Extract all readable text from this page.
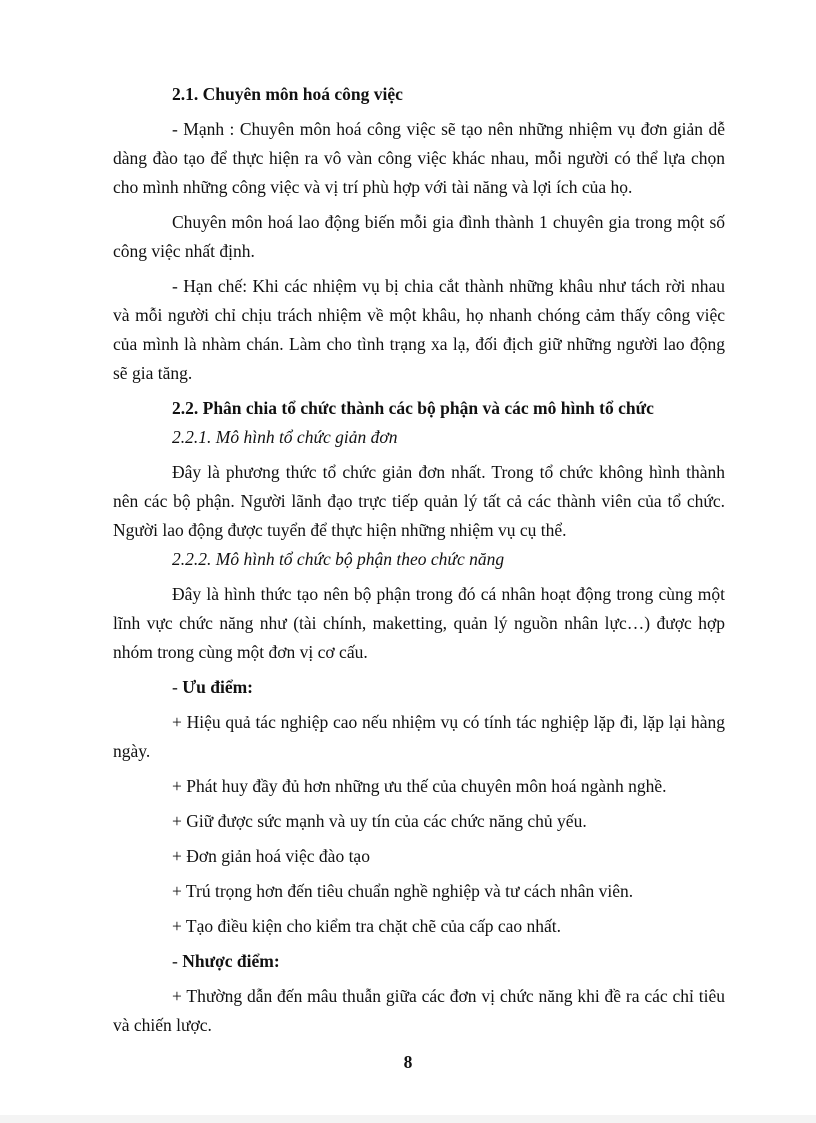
2.1. Chuyên môn hoá công việc

- Mạnh : Chuyên môn hoá công việc sẽ tạo nên những nhiệm vụ đơn giản dễ dàng đào tạo để thực hiện ra vô vàn công việc khác nhau, mỗi người có thể lựa chọn cho mình những công việc và vị trí phù hợp với tài năng và lợi ích của họ.

Chuyên môn hoá lao động biến mỗi gia đình thành 1 chuyên gia trong một số công việc nhất định.

- Hạn chế: Khi các nhiệm vụ bị chia cắt thành những khâu như tách rời nhau và mỗi người chỉ chịu trách nhiệm về một khâu, họ nhanh chóng cảm thấy công việc của mình là nhàm chán. Làm cho tình trạng xa lạ, đối địch giữ những người lao động sẽ gia tăng.

2.2. Phân chia tổ chức thành các bộ phận và các mô hình tổ chức

2.2.1. Mô hình tổ chức giản đơn

Đây là phương thức tổ chức giản đơn nhất. Trong tổ chức không hình thành nên các bộ phận. Người lãnh đạo trực tiếp quản lý tất cả các thành viên của tổ chức. Người lao động được tuyển để thực hiện những nhiệm vụ cụ thể.

2.2.2. Mô hình tổ chức bộ phận theo chức năng

Đây là hình thức tạo nên bộ phận trong đó cá nhân hoạt động trong cùng một lĩnh vực chức năng như (tài chính, maketting, quản lý nguồn nhân lực…) được hợp nhóm trong cùng một đơn vị cơ cấu.

- Ưu điểm:

+ Hiệu quả tác nghiệp cao nếu nhiệm vụ có tính tác nghiệp lặp đi, lặp lại hàng ngày.

+ Phát huy đầy đủ hơn những ưu thế của chuyên môn hoá ngành nghề.

+ Giữ được sức mạnh và uy tín của các chức năng chủ yếu.

+ Đơn giản hoá việc đào tạo

+ Trú trọng hơn đến tiêu chuẩn nghề nghiệp và tư cách nhân viên.

+ Tạo điều kiện cho kiểm tra chặt chẽ của cấp cao nhất.

- Nhược điểm:

+ Thường dẫn đến mâu thuẫn giữa các đơn vị chức năng khi đề ra các chỉ tiêu và chiến lược.

8
